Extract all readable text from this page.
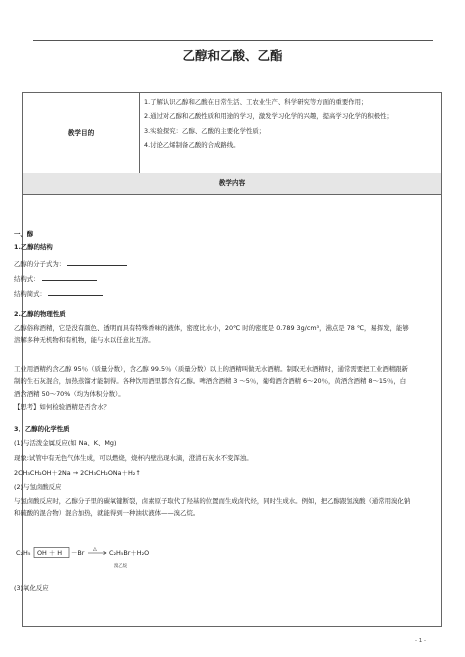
乙醇和乙酸、乙酯
教学目的

1.了解认识乙醇和乙酸在日常生活、工农业生产、科学研究等方面的重要作用；

2.通过对乙醇和乙酸性质和用途的学习，激发学习化学的兴趣，提高学习化学的积极性；

3.实验探究：乙醇、乙酸的主要化学性质；

4.讨论乙烯制备乙酸的合成路线。

教学内容
一、醇
1.乙醇的结构
乙醇的分子式为：
结构式：
结构简式：
2.乙醇的物理性质
乙醇俗称酒精，它是没有颜色、透明而具有特殊香味的液体，密度比水小，20℃ 时的密度是 0.789 3g/cm³，沸点是 78 ℃，易挥发，能够溶解多种无机物和有机物，能与水以任意比互溶。
工业用酒精约含乙醇 95％（质量分数），含乙醇 99.5％（质量分数）以上的酒精叫做无水酒精。制取无水酒精时，通常需要把工业酒精跟新制的生石灰混合，加热蒸馏才能制得。各种饮用酒里都含有乙醇。啤酒含酒精 3 ～5％，葡萄酒含酒精 6～20％，黄酒含酒精 8～15％，白酒含酒精 50～70%（均为体积分数）。
【思考】如何检验酒精是否含水？
3．乙醇的化学性质
(1)与活泼金属反应(如 Na、K、Mg)
现象:试管中有无色气体生成，可以燃烧，烧杯内壁出现水滴，澄清石灰水不变浑浊。
2CH₃CH₂OH＋2Na → 2CH₃CH₂ONa＋H₂↑
(2)与氢卤酸反应
与氢卤酸反应时，乙醇分子里的碳氧键断裂，卤素原子取代了羟基的位置而生成卤代烃，同时生成水。例如，把乙醇跟氢溴酸（通常用溴化钠和硫酸的混合物）混合加热，就能得到一种油状液体——溴乙烷。
C₂H₅ OH ＋ H －Br △ C₂H₅Br＋H₂O
溴乙烷
(3)氧化反应
- 1 -
